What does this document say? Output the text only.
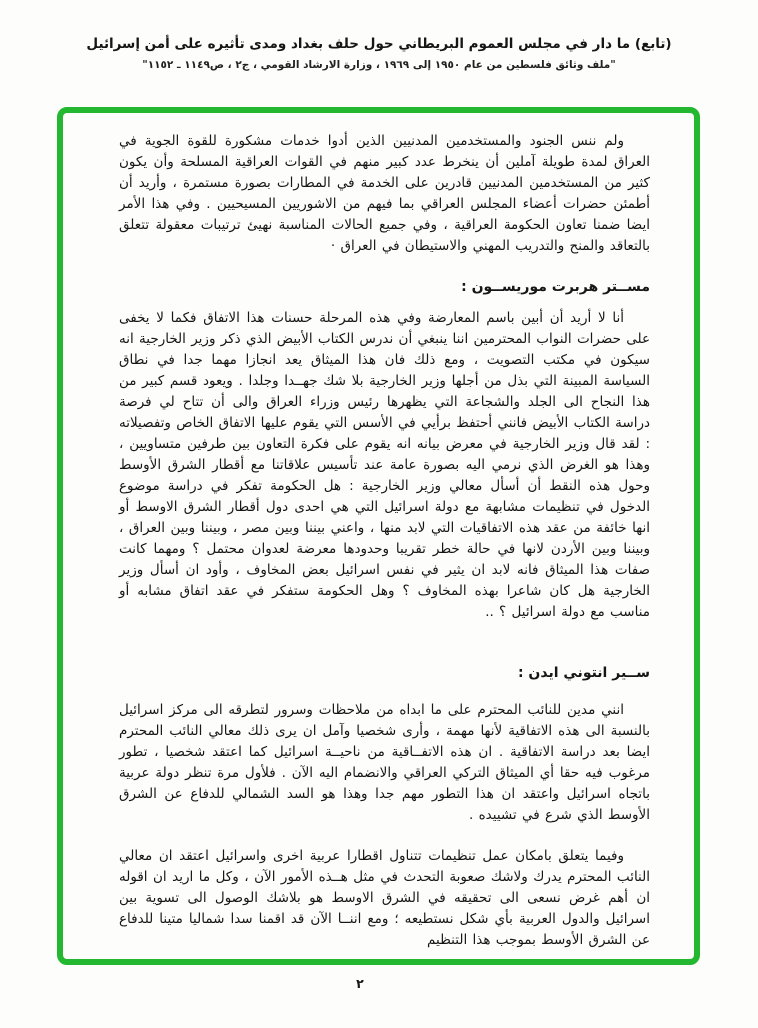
(تابع) ما دار في مجلس العموم البريطاني حول حلف بغداد ومدى تأثيره على أمن إسرائيل
"ملف وثائق فلسطين من عام ١٩٥٠ إلى ١٩٦٩ ، وزارة الارشاد القومي ، ج٢ ، ص١١٤٩ ـ ١١٥٢"

ولم ننس الجنود والمستخدمين المدنيين الذين أدوا خدمات مشكورة للقوة الجوية في العراق لمدة طويلة آملين أن ينخرط عدد كبير منهم في القوات العراقية المسلحة وأن يكون كثير من المستخدمين المدنيين قادرين على الخدمة في المطارات بصورة مستمرة ، وأريد أن أطمئن حضرات أعضاء المجلس العراقي بما فيهم من الاشوريين المسيحيين . وفي هذا الأمر ايضا ضمنا تعاون الحكومة العراقية ، وفي جميع الحالات المناسبة نهيئ ترتيبات معقولة تتعلق بالتعاقد والمنح والتدريب المهني والاستيطان في العراق ·

مســتر هربرت موريســون :

أنا لا أريد أن أبين باسم المعارضة وفي هذه المرحلة حسنات هذا الاتفاق فكما لا يخفى على حضرات النواب المحترمين اننا ينبغي أن ندرس الكتاب الأبيض الذي ذكر وزير الخارجية انه سيكون في مكتب التصويت ، ومع ذلك فان هذا الميثاق يعد انجازا مهما جدا في نطاق السياسة المبينة التي بذل من أجلها وزير الخارجية بلا شك جهــدا وجلدا . ويعود قسم كبير من هذا النجاح الى الجلد والشجاعة التي يظهرها رئيس وزراء العراق والى أن تتاح لي فرصة دراسة الكتاب الأبيض فانني أحتفظ برأيي في الأسس التي يقوم عليها الاتفاق الخاص وتفصيلاته : لقد قال وزير الخارجية في معرض بيانه انه يقوم على فكرة التعاون بين طرفين متساويين ، وهذا هو الغرض الذي نرمي اليه بصورة عامة عند تأسيس علاقاتنا مع أقطار الشرق الأوسط وحول هذه النقط أن أسأل معالي وزير الخارجية : هل الحكومة تفكر في دراسة موضوع الدخول في تنظيمات مشابهة مع دولة اسرائيل التي هي احدى دول أقطار الشرق الاوسط أو انها خائفة من عقد هذه الاتفاقيات التي لابد منها ، واعني بيننا وبين مصر ، وبيننا وبين العراق ، وبيننا وبين الأردن لانها في حالة خطر تقريبا وحدودها معرضة لعدوان محتمل ؟ ومهما كانت صفات هذا الميثاق فانه لابد ان يثير في نفس اسرائيل بعض المخاوف ، وأود ان أسأل وزير الخارجية هل كان شاعرا بهذه المخاوف ؟ وهل الحكومة ستفكر في عقد اتفاق مشابه أو مناسب مع دولة اسرائيل ؟ ..

ســير انتوني ايدن :

انني مدين للنائب المحترم على ما ابداه من ملاحظات وسرور لتطرقه الى مركز اسرائيل بالنسبة الى هذه الاتفاقية لأنها مهمة ، وأرى شخصيا وآمل ان يرى ذلك معالي النائب المحترم ايضا بعد دراسة الاتفاقية . ان هذه الاتفــاقية من ناحيــة اسرائيل كما اعتقد شخصيا ، تطور مرغوب فيه حقا أي الميثاق التركي العراقي والانضمام اليه الآن . فلأول مرة تنظر دولة عربية باتجاه اسرائيل واعتقد ان هذا التطور مهم جدا وهذا هو السد الشمالي للدفاع عن الشرق الأوسط الذي شرع في تشييده .

وفيما يتعلق بامكان عمل تنظيمات تتناول اقطارا عربية اخرى واسرائيل اعتقد ان معالي النائب المحترم يدرك ولاشك صعوبة التحدث في مثل هــذه الأمور الآن ، وكل ما اريد ان اقوله ان أهم غرض نسعى الى تحقيقه في الشرق الاوسط هو بلاشك الوصول الى تسوية بين اسرائيل والدول العربية بأي شكل نستطيعه ؛ ومع اننــا الآن قد اقمنا سدا شماليا متينا للدفاع عن الشرق الأوسط بموجب هذا التنظيم

٢
